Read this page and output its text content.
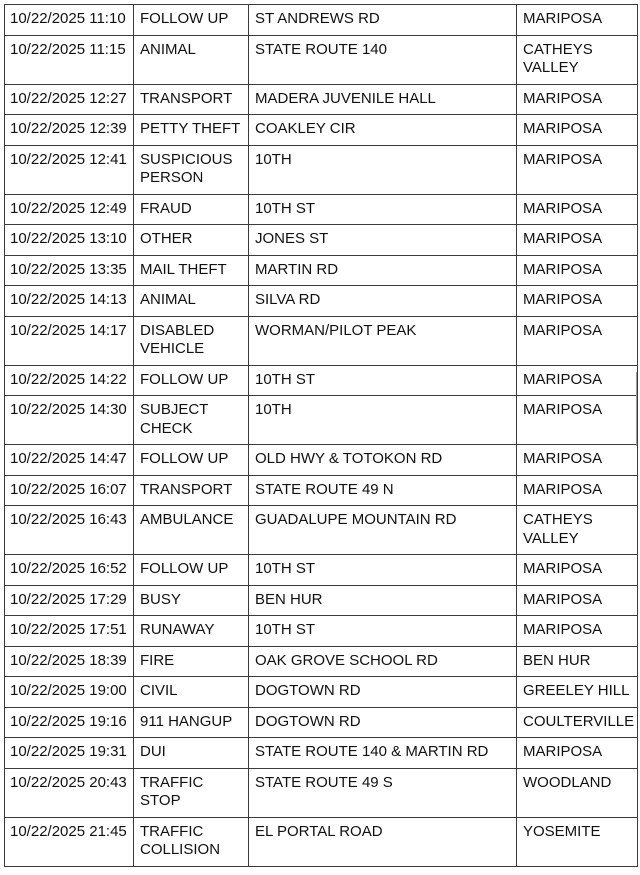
10/22/2025 11:10	FOLLOW UP	ST ANDREWS RD	MARIPOSA
10/22/2025 11:15	ANIMAL	STATE ROUTE 140	CATHEYS VALLEY
10/22/2025 12:27	TRANSPORT	MADERA JUVENILE HALL	MARIPOSA
10/22/2025 12:39	PETTY THEFT	COAKLEY CIR	MARIPOSA
10/22/2025 12:41	SUSPICIOUS PERSON	10TH	MARIPOSA
10/22/2025 12:49	FRAUD	10TH ST	MARIPOSA
10/22/2025 13:10	OTHER	JONES ST	MARIPOSA
10/22/2025 13:35	MAIL THEFT	MARTIN RD	MARIPOSA
10/22/2025 14:13	ANIMAL	SILVA RD	MARIPOSA
10/22/2025 14:17	DISABLED VEHICLE	WORMAN/PILOT PEAK	MARIPOSA
10/22/2025 14:22	FOLLOW UP	10TH ST	MARIPOSA
10/22/2025 14:30	SUBJECT CHECK	10TH	MARIPOSA
10/22/2025 14:47	FOLLOW UP	OLD HWY & TOTOKON RD	MARIPOSA
10/22/2025 16:07	TRANSPORT	STATE ROUTE 49 N	MARIPOSA
10/22/2025 16:43	AMBULANCE	GUADALUPE MOUNTAIN RD	CATHEYS VALLEY
10/22/2025 16:52	FOLLOW UP	10TH ST	MARIPOSA
10/22/2025 17:29	BUSY	BEN HUR	MARIPOSA
10/22/2025 17:51	RUNAWAY	10TH ST	MARIPOSA
10/22/2025 18:39	FIRE	OAK GROVE SCHOOL RD	BEN HUR
10/22/2025 19:00	CIVIL	DOGTOWN RD	GREELEY HILL
10/22/2025 19:16	911 HANGUP	DOGTOWN RD	COULTERVILLE
10/22/2025 19:31	DUI	STATE ROUTE 140 & MARTIN RD	MARIPOSA
10/22/2025 20:43	TRAFFIC STOP	STATE ROUTE 49 S	WOODLAND
10/22/2025 21:45	TRAFFIC COLLISION	EL PORTAL ROAD	YOSEMITE
